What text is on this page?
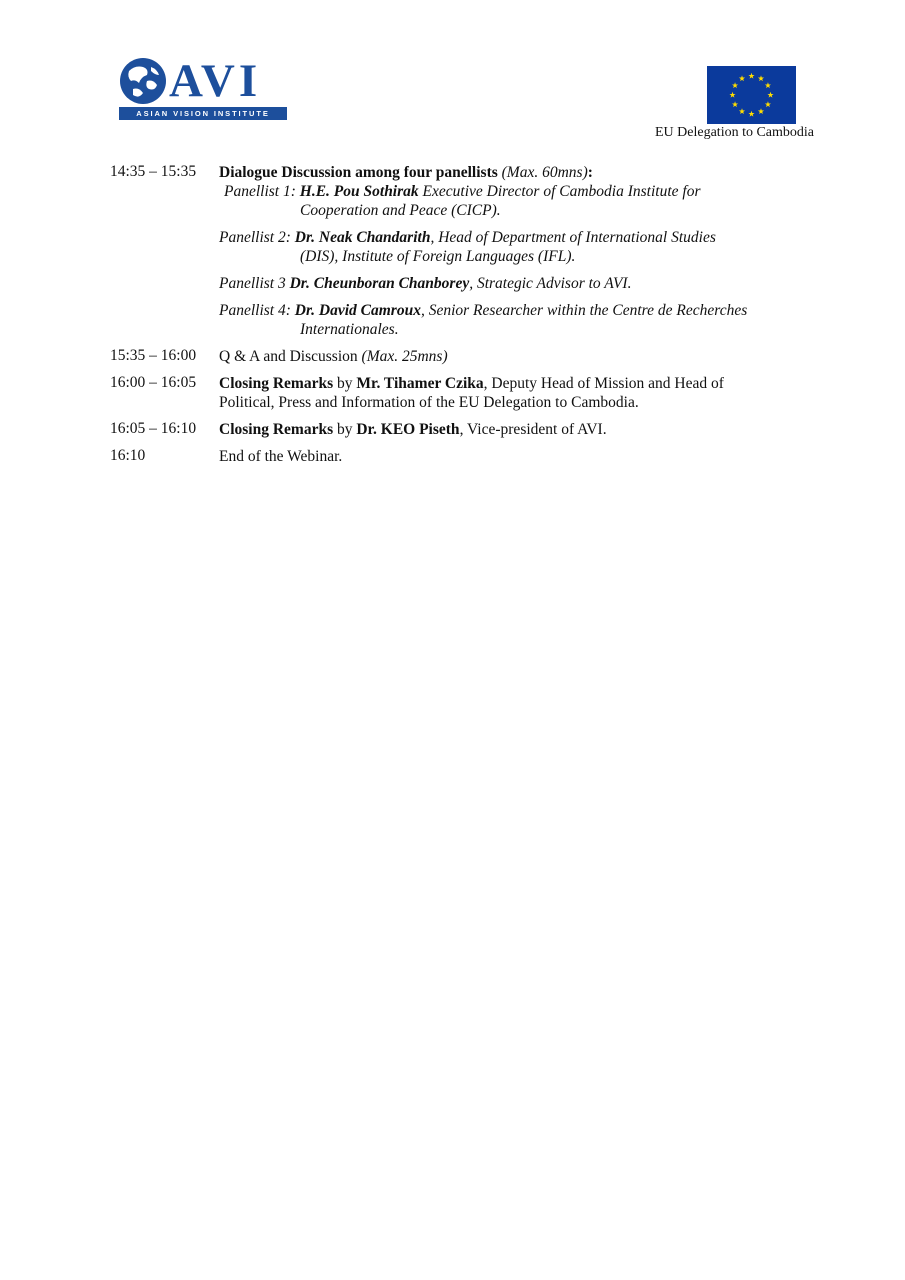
AVI
ASIAN VISION INSTITUTE
EU Delegation to Cambodia
14:35 – 15:35 Dialogue Discussion among four panellists (Max. 60mns):
Panellist 1: H.E. Pou Sothirak Executive Director of Cambodia Institute for
Cooperation and Peace (CICP).
Panellist 2: Dr. Neak Chandarith, Head of Department of International Studies
(DIS), Institute of Foreign Languages (IFL).
Panellist 3 Dr. Cheunboran Chanborey, Strategic Advisor to AVI.
Panellist 4: Dr. David Camroux, Senior Researcher within the Centre de Recherches
Internationales.
15:35 – 16:00 Q & A and Discussion (Max. 25mns)
16:00 – 16:05 Closing Remarks by Mr. Tihamer Czika, Deputy Head of Mission and Head of
Political, Press and Information of the EU Delegation to Cambodia.
16:05 – 16:10 Closing Remarks by Dr. KEO Piseth, Vice-president of AVI.
16:10	End of the Webinar.
